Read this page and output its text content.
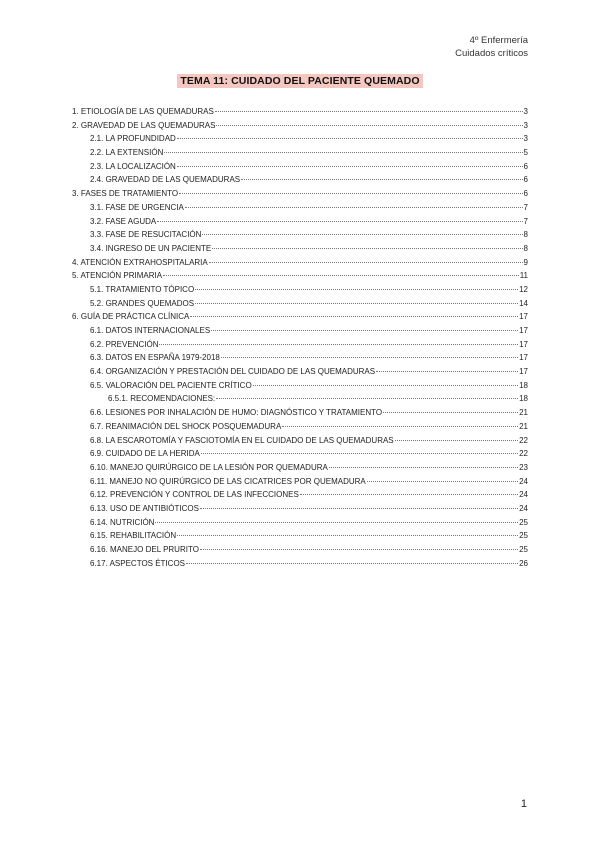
4º Enfermería
Cuidados críticos
TEMA 11: CUIDADO DEL PACIENTE QUEMADO
1. ETIOLOGÍA DE LAS QUEMADURAS	3
2. GRAVEDAD DE LAS QUEMADURAS	3
2.1. LA PROFUNDIDAD	3
2.2. LA EXTENSIÓN	5
2.3. LA LOCALIZACIÓN	6
2.4. GRAVEDAD DE LAS QUEMADURAS	6
3. FASES DE TRATAMIENTO	6
3.1. FASE DE URGENCIA	7
3.2. FASE AGUDA	7
3.3. FASE DE RESUCITACIÓN	8
3.4. INGRESO DE UN PACIENTE	8
4. ATENCIÓN EXTRAHOSPITALARIA	9
5. ATENCIÓN PRIMARIA	11
5.1. TRATAMIENTO TÓPICO	12
5.2. GRANDES QUEMADOS	14
6. GUÍA DE PRÁCTICA CLÍNICA	17
6.1. DATOS INTERNACIONALES	17
6.2. PREVENCIÓN	17
6.3. DATOS EN ESPAÑA 1979-2018	17
6.4. ORGANIZACIÓN Y PRESTACIÓN DEL CUIDADO DE LAS QUEMADURAS	17
6.5. VALORACIÓN DEL PACIENTE CRÍTICO	18
6.5.1. RECOMENDACIONES:	18
6.6. LESIONES POR INHALACIÓN DE HUMO: DIAGNÓSTICO Y TRATAMIENTO	21
6.7. REANIMACIÓN DEL SHOCK POSQUEMADURA	21
6.8. LA ESCAROTOMÍA Y FASCIOTOMÍA EN EL CUIDADO DE LAS QUEMADURAS	22
6.9. CUIDADO DE LA HERIDA	22
6.10. MANEJO QUIRÚRGICO DE LA LESIÓN POR QUEMADURA	23
6.11. MANEJO NO QUIRÚRGICO DE LAS CICATRICES POR QUEMADURA	24
6.12. PREVENCIÓN Y CONTROL DE LAS INFECCIONES	24
6.13. USO DE ANTIBIÓTICOS	24
6.14. NUTRICIÓN	25
6.15. REHABILITACIÓN	25
6.16. MANEJO DEL PRURITO	25
6.17. ASPECTOS ÉTICOS	26
1
